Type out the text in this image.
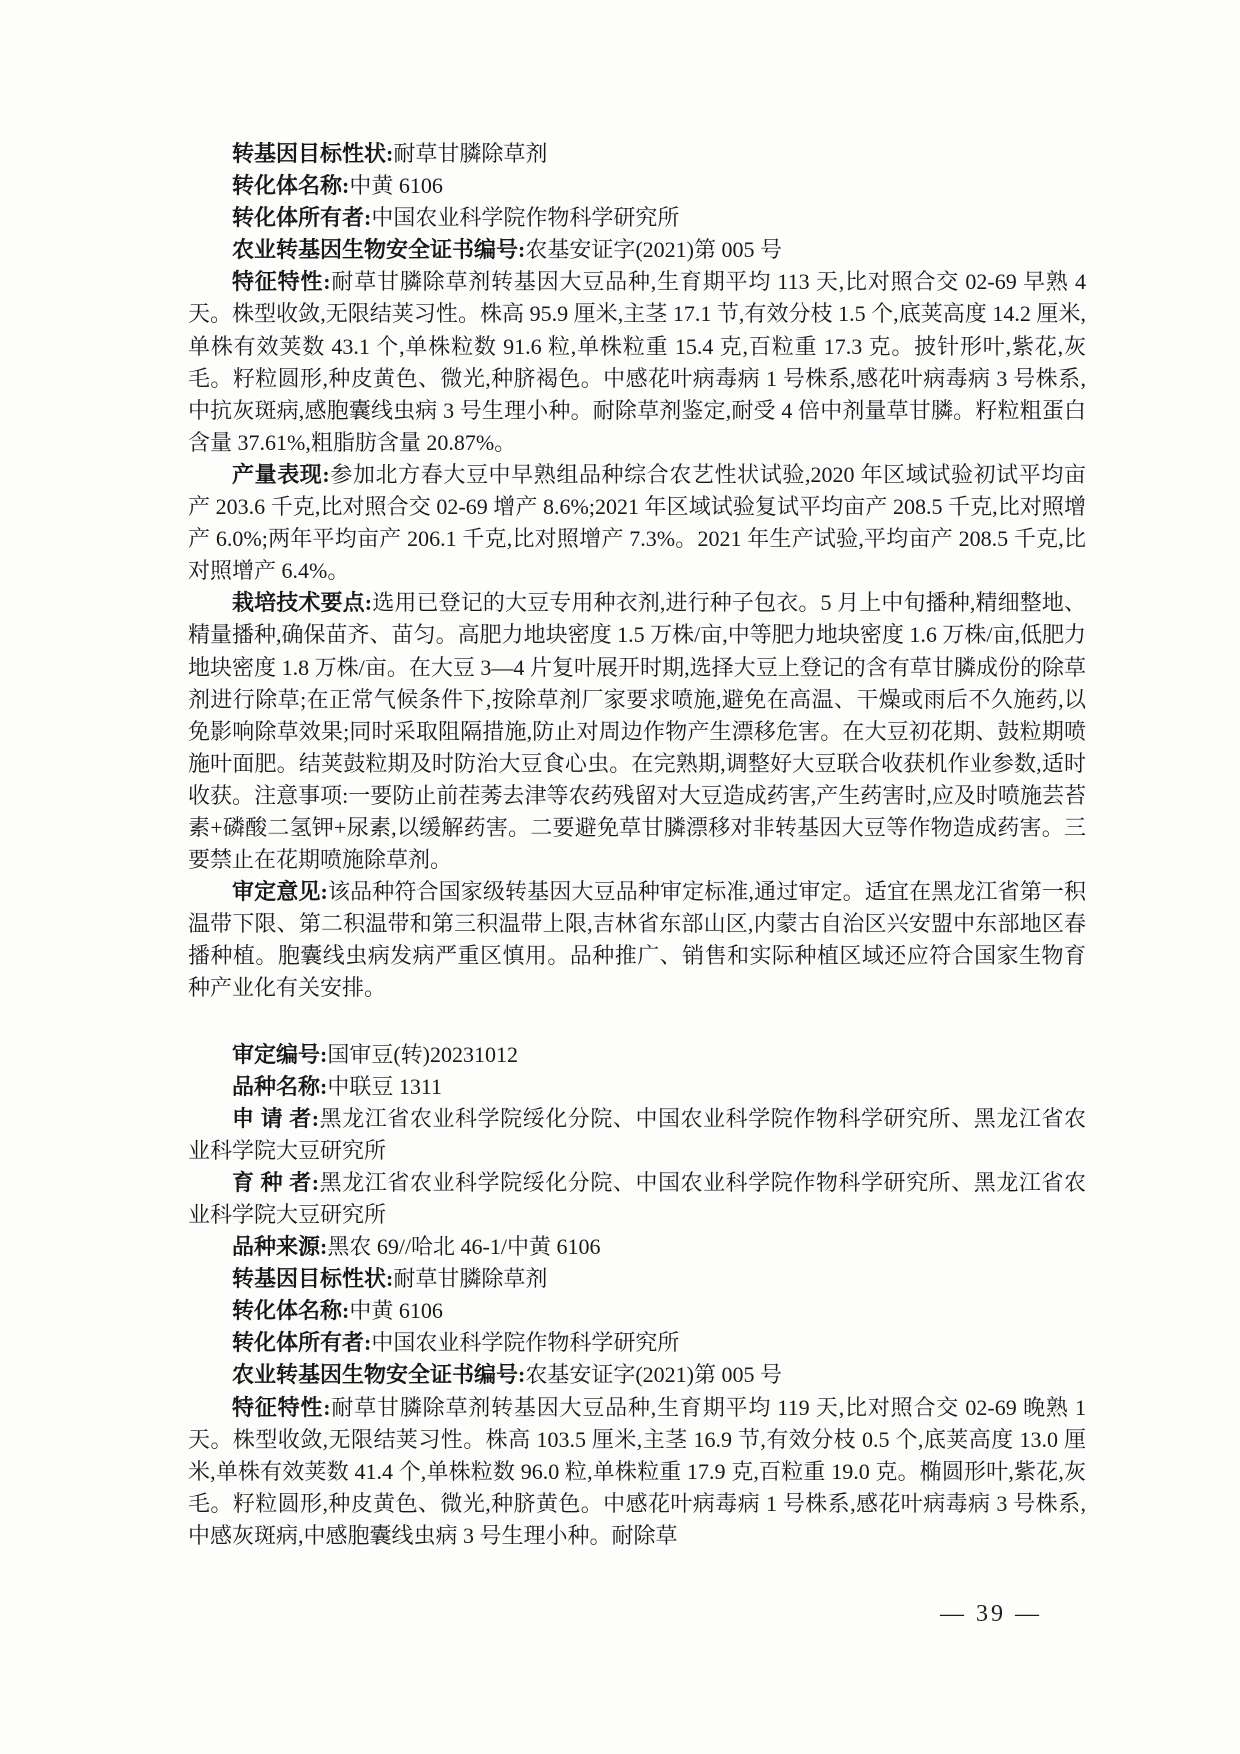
转基因目标性状:耐草甘膦除草剂

转化体名称:中黄 6106

转化体所有者:中国农业科学院作物科学研究所

农业转基因生物安全证书编号:农基安证字(2021)第 005 号

特征特性:耐草甘膦除草剂转基因大豆品种,生育期平均 113 天,比对照合交 02-69 早熟 4 天。株型收敛,无限结荚习性。株高 95.9 厘米,主茎 17.1 节,有效分枝 1.5 个,底荚高度 14.2 厘米,单株有效荚数 43.1 个,单株粒数 91.6 粒,单株粒重 15.4 克,百粒重 17.3 克。披针形叶,紫花,灰毛。籽粒圆形,种皮黄色、微光,种脐褐色。中感花叶病毒病 1 号株系,感花叶病毒病 3 号株系,中抗灰斑病,感胞囊线虫病 3 号生理小种。耐除草剂鉴定,耐受 4 倍中剂量草甘膦。籽粒粗蛋白含量 37.61%,粗脂肪含量 20.87%。

产量表现:参加北方春大豆中早熟组品种综合农艺性状试验,2020 年区域试验初试平均亩产 203.6 千克,比对照合交 02-69 增产 8.6%;2021 年区域试验复试平均亩产 208.5 千克,比对照增产 6.0%;两年平均亩产 206.1 千克,比对照增产 7.3%。2021 年生产试验,平均亩产 208.5 千克,比对照增产 6.4%。

栽培技术要点:选用已登记的大豆专用种衣剂,进行种子包衣。5 月上中旬播种,精细整地、精量播种,确保苗齐、苗匀。高肥力地块密度 1.5 万株/亩,中等肥力地块密度 1.6 万株/亩,低肥力地块密度 1.8 万株/亩。在大豆 3—4 片复叶展开时期,选择大豆上登记的含有草甘膦成份的除草剂进行除草;在正常气候条件下,按除草剂厂家要求喷施,避免在高温、干燥或雨后不久施药,以免影响除草效果;同时采取阻隔措施,防止对周边作物产生漂移危害。在大豆初花期、鼓粒期喷施叶面肥。结荚鼓粒期及时防治大豆食心虫。在完熟期,调整好大豆联合收获机作业参数,适时收获。注意事项:一要防止前茬莠去津等农药残留对大豆造成药害,产生药害时,应及时喷施芸苔素+磷酸二氢钾+尿素,以缓解药害。二要避免草甘膦漂移对非转基因大豆等作物造成药害。三要禁止在花期喷施除草剂。

审定意见:该品种符合国家级转基因大豆品种审定标准,通过审定。适宜在黑龙江省第一积温带下限、第二积温带和第三积温带上限,吉林省东部山区,内蒙古自治区兴安盟中东部地区春播种植。胞囊线虫病发病严重区慎用。品种推广、销售和实际种植区域还应符合国家生物育种产业化有关安排。

审定编号:国审豆(转)20231012

品种名称:中联豆 1311

申 请 者:黑龙江省农业科学院绥化分院、中国农业科学院作物科学研究所、黑龙江省农业科学院大豆研究所

育 种 者:黑龙江省农业科学院绥化分院、中国农业科学院作物科学研究所、黑龙江省农业科学院大豆研究所

品种来源:黑农 69//哈北 46-1/中黄 6106

转基因目标性状:耐草甘膦除草剂

转化体名称:中黄 6106

转化体所有者:中国农业科学院作物科学研究所

农业转基因生物安全证书编号:农基安证字(2021)第 005 号

特征特性:耐草甘膦除草剂转基因大豆品种,生育期平均 119 天,比对照合交 02-69 晚熟 1 天。株型收敛,无限结荚习性。株高 103.5 厘米,主茎 16.9 节,有效分枝 0.5 个,底荚高度 13.0 厘米,单株有效荚数 41.4 个,单株粒数 96.0 粒,单株粒重 17.9 克,百粒重 19.0 克。椭圆形叶,紫花,灰毛。籽粒圆形,种皮黄色、微光,种脐黄色。中感花叶病毒病 1 号株系,感花叶病毒病 3 号株系,中感灰斑病,中感胞囊线虫病 3 号生理小种。耐除草

— 39 —
